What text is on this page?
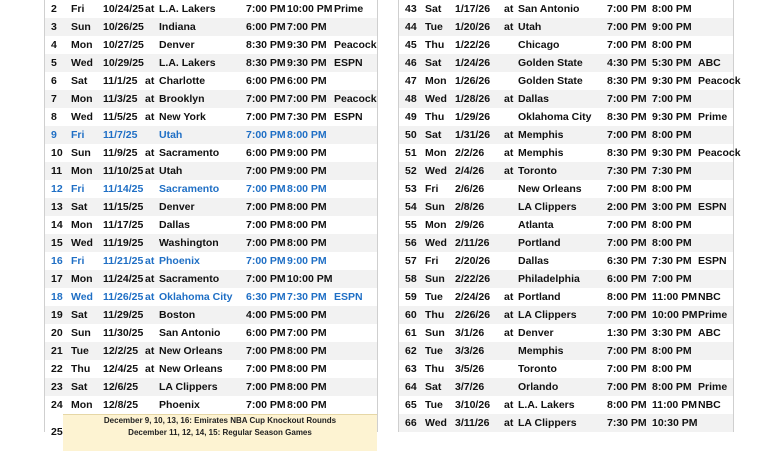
2 Fri 10/24/25 at L.A. Lakers	7:00 PM 10:00 PM Prime
3 Sun 10/26/25 Indiana	6:00 PM 7:00 PM
4 Mon 10/27/25 Denver	8:30 PM 9:30 PM Peacock
5 Wed 10/29/25 L.A. Lakers	8:30 PM 9:30 PM ESPN
6 Sat 11/1/25 at Charlotte	6:00 PM 6:00 PM
7 Mon 11/3/25 at Brooklyn	7:00 PM 7:00 PM Peacock
8 Wed 11/5/25 at New York	7:00 PM 7:30 PM ESPN
9 Fri 11/7/25 Utah	7:00 PM 8:00 PM
10 Sun 11/9/25 at Sacramento	6:00 PM 9:00 PM
11 Mon 11/10/25 at Utah	7:00 PM 9:00 PM
12 Fri 11/14/25 Sacramento	7:00 PM 8:00 PM
13 Sat 11/15/25 Denver	7:00 PM 8:00 PM
14 Mon 11/17/25 Dallas	7:00 PM 8:00 PM
15 Wed 11/19/25 Washington	7:00 PM 8:00 PM
16 Fri 11/21/25 at Phoenix	7:00 PM 9:00 PM
17 Mon 11/24/25 at Sacramento	7:00 PM 10:00 PM
18 Wed 11/26/25 at Oklahoma City 6:30 PM 7:30 PM ESPN
19 Sat 11/29/25 Boston	4:00 PM 5:00 PM
20 Sun 11/30/25 San Antonio 6:00 PM 7:00 PM
21 Tue 12/2/25 at New Orleans 7:00 PM 8:00 PM
22 Thu 12/4/25 at New Orleans 7:00 PM 8:00 PM
23 Sat 12/6/25 LA Clippers	7:00 PM 8:00 PM
24 Mon 12/8/25 Phoenix	7:00 PM 8:00 PM
25
December 9, 10, 13, 16: Emirates NBA Cup Knockout Rounds
December 11, 12, 14, 15: Regular Season Games
43 Sat 1/17/26 at San Antonio	7:00 PM 8:00 PM
44 Tue 1/20/26 at Utah	7:00 PM 9:00 PM
45 Thu 1/22/26	Chicago	7:00 PM 8:00 PM
46 Sat 1/24/26	Golden State 4:30 PM 5:30 PM ABC
47 Mon 1/26/26	Golden State 8:30 PM 9:30 PM Peacock
48 Wed 1/28/26 at Dallas	7:00 PM 7:00 PM
49 Thu 1/29/26	Oklahoma City 8:30 PM 9:30 PM Prime
50 Sat 1/31/26 at Memphis	7:00 PM 8:00 PM
51 Mon 2/2/26 at Memphis	8:30 PM 9:30 PM Peacock
52 Wed 2/4/26 at Toronto	7:30 PM 7:30 PM
53 Fri 2/6/26	New Orleans 7:00 PM 8:00 PM
54 Sun 2/8/26	LA Clippers	2:00 PM 3:00 PM ESPN
55 Mon 2/9/26	Atlanta	7:00 PM 8:00 PM
56 Wed 2/11/26	Portland	7:00 PM 8:00 PM
57 Fri 2/20/26	Dallas	6:30 PM 7:30 PM ESPN
58 Sun 2/22/26	Philadelphia	6:00 PM 7:00 PM
59 Tue 2/24/26 at Portland	8:00 PM 11:00 PM NBC
60 Thu 2/26/26 at LA Clippers	7:00 PM 10:00 PM Prime
61 Sun 3/1/26 at Denver	1:30 PM 3:30 PM ABC
62 Tue 3/3/26	Memphis	7:00 PM 8:00 PM
63 Thu 3/5/26	Toronto	7:00 PM 8:00 PM
64 Sat 3/7/26	Orlando	7:00 PM 8:00 PM Prime
65 Tue 3/10/26 at L.A. Lakers	8:00 PM 11:00 PM NBC
66 Wed 3/11/26 at LA Clippers	7:30 PM 10:30 PM
